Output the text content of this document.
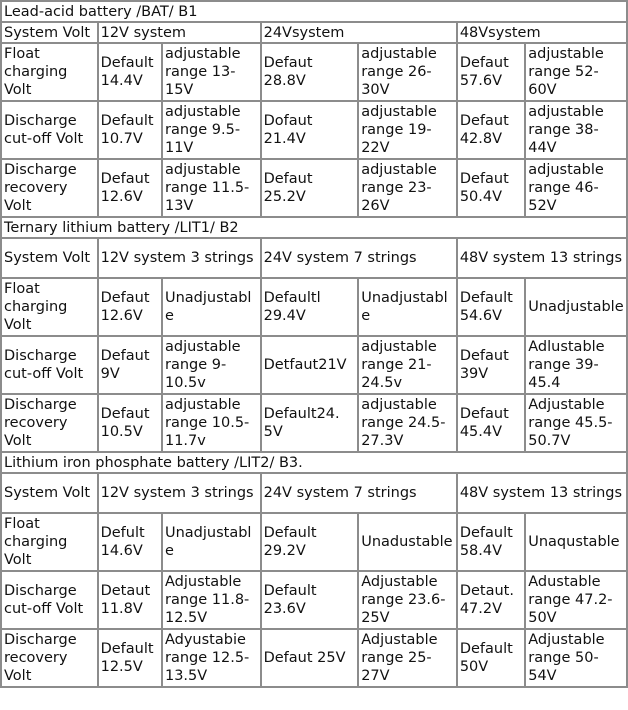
Lead-acid battery /BAT/ B1						
System Volt	12V system		24Vsystem		48Vsystem	
Float charging Volt	Default 14.4V	adjustable range 13-15V	Defaut 28.8V	adjustable range 26-30V	Defaut 57.6V	adjustable range 52-60V
Discharge cut-off Volt	Default 10.7V	adjustable range 9.5-11V	Dofaut 21.4V	adjustable range 19-22V	Defaut 42.8V	adjustable range 38-44V
Discharge recovery Volt	Defaut 12.6V	adjustable range 11.5-13V	Defaut 25.2V	adjustable range 23-26V	Defaut 50.4V	adjustable range 46-52V
Ternary lithium battery /LIT1/ B2						
System Volt	12V system 3 strings		24V system 7 strings		48V system 13 strings	
Float charging Volt	Defaut 12.6V	Unadjustable	Defaultl 29.4V	Unadjustable	Default 54.6V	Unadjustable
Discharge cut-off Volt	Defaut 9V	adjustable range 9-10.5v	Detfaut21V	adjustable range 21-24.5v	Defaut 39V	Adlustable range 39-45.4
Discharge recovery Volt	Defaut 10.5V	adjustable range 10.5-11.7v	Default24. 5V	adjustable range 24.5-27.3V	Defaut 45.4V	Adjustable range 45.5-50.7V
Lithium iron phosphate battery /LIT2/ B3.						
System Volt	12V system 3 strings		24V system 7 strings		48V system 13 strings	
Float charging Volt	Defult 14.6V	Unadjustable	Default 29.2V	Unadustable	Default 58.4V	Unaqustable
Discharge cut-off Volt	Detaut 11.8V	Adjustable range 11.8-12.5V	Default 23.6V	Adjustable range 23.6-25V	Detaut. 47.2V	Adustable range 47.2-50V
Discharge recovery Volt	Default 12.5V	Adyustabie range 12.5-13.5V	Defaut 25V	Adjustable range 25-27V	Default 50V	Adjustable range 50-54V
